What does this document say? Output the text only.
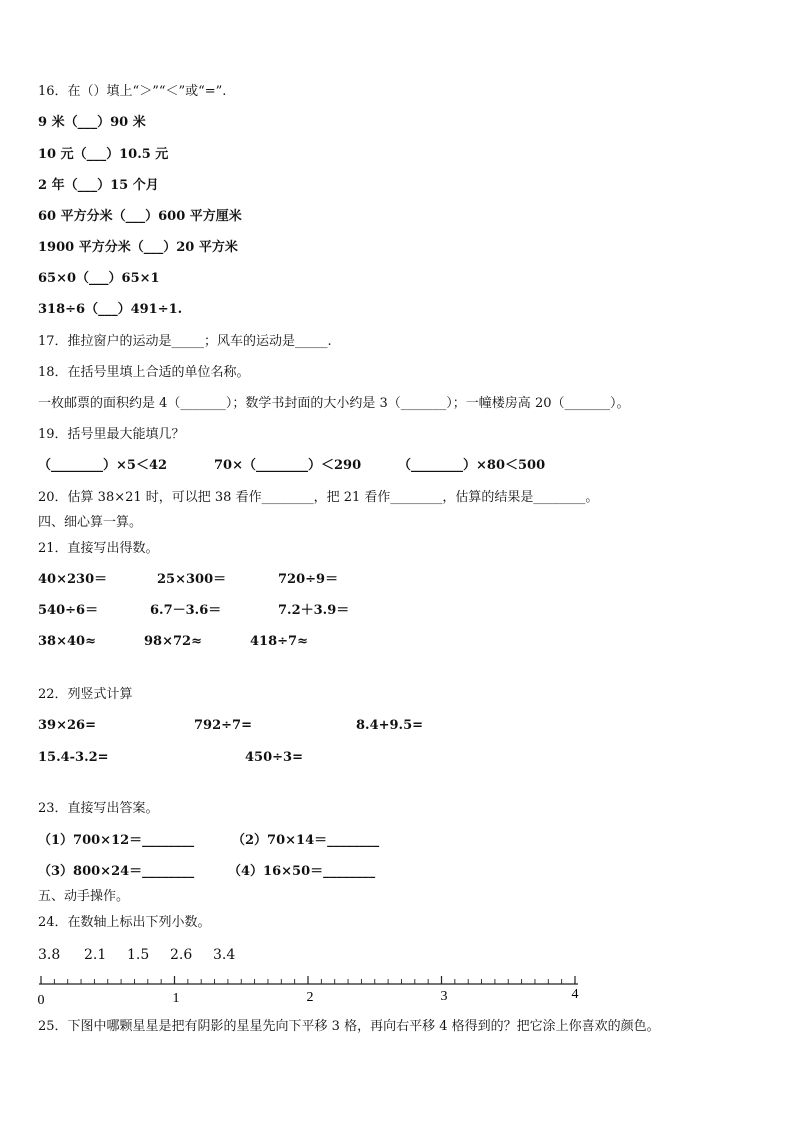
16．在（）填上“＞”“＜”或“=”.
9 米（___）90 米
10 元（___）10.5 元
2 年（___）15 个月
60 平方分米（___）600 平方厘米
1900 平方分米（___）20 平方米
65×0（___）65×1
318÷6（___）491÷1.
17．推拉窗户的运动是_____；风车的运动是_____.
18．在括号里填上合适的单位名称。
一枚邮票的面积约是 4（_______）；数学书封面的大小约是 3（_______）；一幢楼房高 20（_______）。
19．括号里最大能填几？
（________）×5＜42	70×（________）＜290	（________）×80＜500
20．估算 38×21 时，可以把 38 看作________，把 21 看作________，估算的结果是________。
四、细心算一算。
21．直接写出得数。
40×230＝	25×300＝	720÷9＝
540÷6＝	6.7－3.6＝	7.2＋3.9＝
38×40≈	98×72≈	418÷7≈
22．列竖式计算
39×26=	792÷7=	8.4+9.5=
15.4-3.2=	450÷3=
23．直接写出答案。
（1）700×12＝________	（2）70×14＝________
（3）800×24＝________	（4）16×50＝________
五、动手操作。
24．在数轴上标出下列小数。
3.8 2.1 1.5 2.6 3.4
0	1	2	3	4
25．下图中哪颗星星是把有阴影的星星先向下平移 3 格，再向右平移 4 格得到的？把它涂上你喜欢的颜色。
